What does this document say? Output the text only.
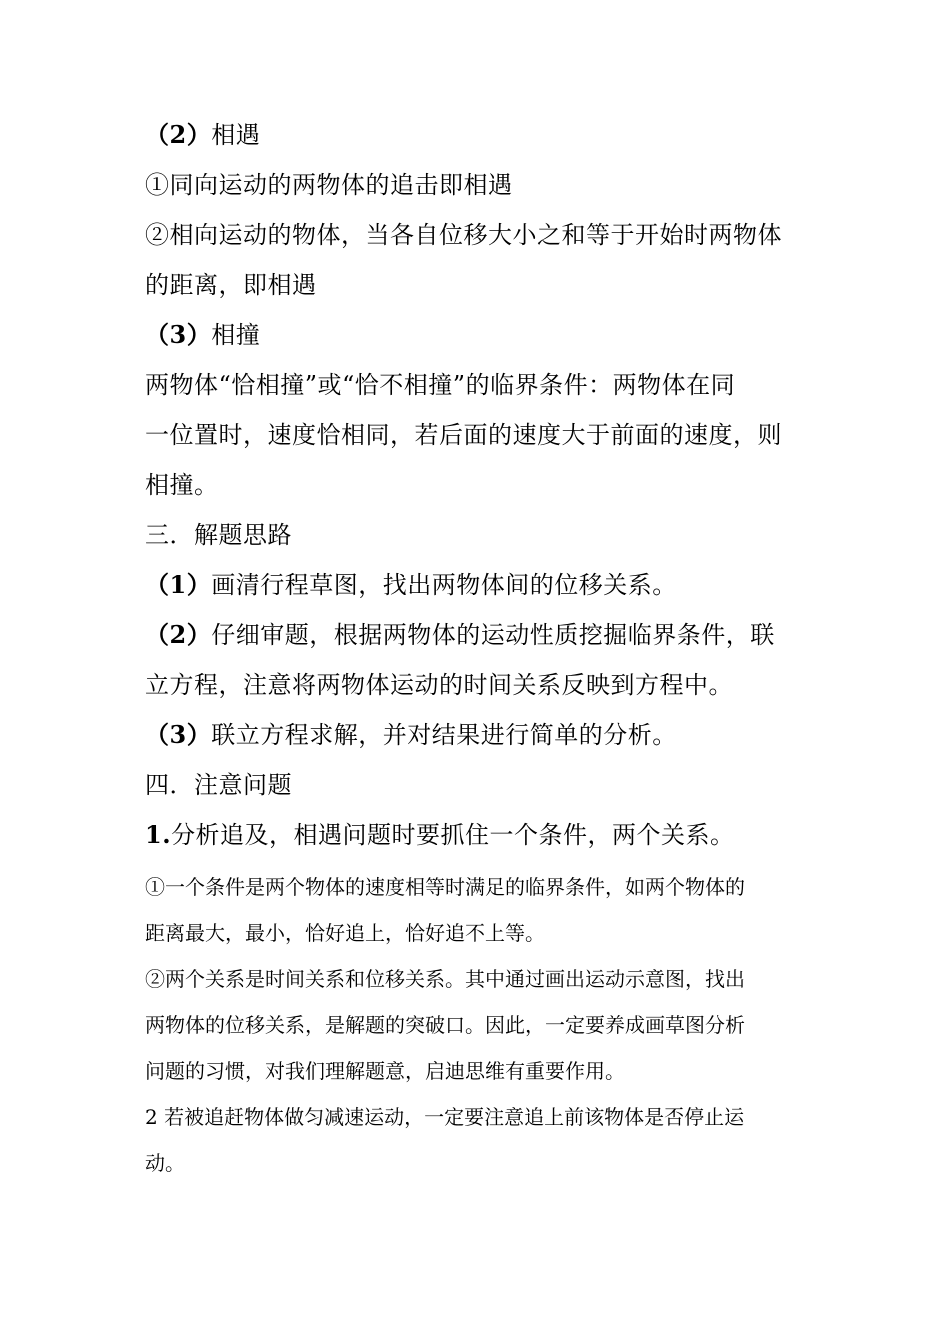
（2）相遇
①同向运动的两物体的追击即相遇
②相向运动的物体，当各自位移大小之和等于开始时两物体
的距离，即相遇
（3）相撞
两物体“恰相撞”或“恰不相撞”的临界条件：两物体在同
一位置时，速度恰相同，若后面的速度大于前面的速度，则
相撞。
三．解题思路
（1）画清行程草图，找出两物体间的位移关系。
（2）仔细审题，根据两物体的运动性质挖掘临界条件，联
立方程，注意将两物体运动的时间关系反映到方程中。
（3）联立方程求解，并对结果进行简单的分析。
四．注意问题
1.分析追及，相遇问题时要抓住一个条件，两个关系。
①一个条件是两个物体的速度相等时满足的临界条件，如两个物体的
距离最大，最小，恰好追上，恰好追不上等。
②两个关系是时间关系和位移关系。其中通过画出运动示意图，找出
两物体的位移关系，是解题的突破口。因此，一定要养成画草图分析
问题的习惯，对我们理解题意，启迪思维有重要作用。
2 若被追赶物体做匀减速运动，一定要注意追上前该物体是否停止运
动。
